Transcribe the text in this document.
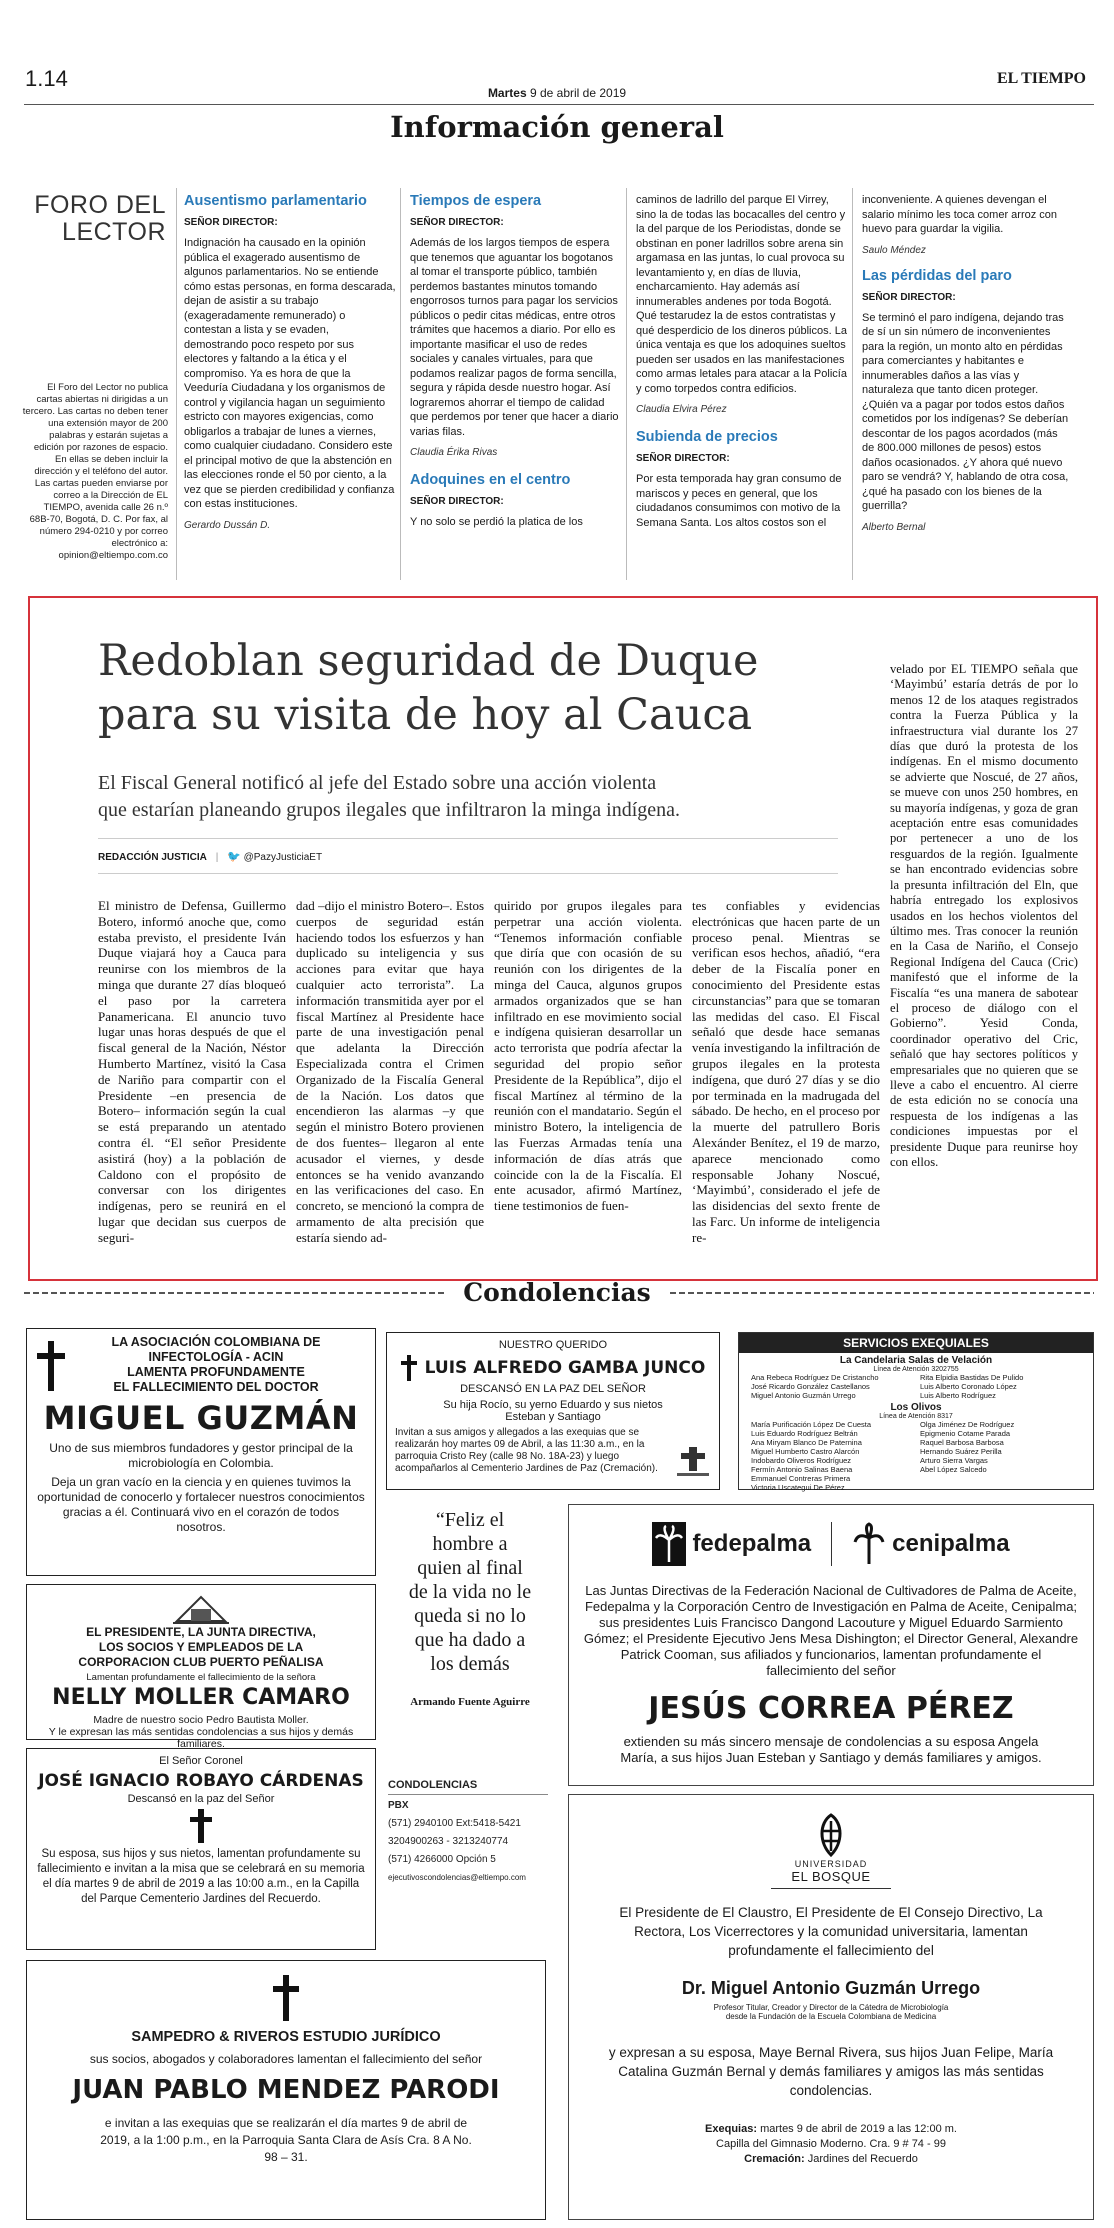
1.14
Martes 9 de abril de 2019
EL TIEMPO
Información general
FORO DEL
LECTOR
El Foro del Lector no publica cartas abiertas ni dirigidas a un tercero. Las cartas no deben tener una extensión mayor de 200 palabras y estarán sujetas a edición por razones de espacio. En ellas se deben incluir la dirección y el teléfono del autor. Las cartas pueden enviarse por correo a la Dirección de EL TIEMPO, avenida calle 26 n.º 68B-70, Bogotá, D. C. Por fax, al número 294-0210 y por correo electrónico a: opinion@eltiempo.com.co
Ausentismo parlamentario
SEÑOR DIRECTOR:

Indignación ha causado en la opinión pública el exagerado ausentismo de algunos parlamentarios. No se entiende cómo estas personas, en forma descarada, dejan de asistir a su trabajo (exageradamente remunerado) o contestan a lista y se evaden, demostrando poco respeto por sus electores y faltando a la ética y el compromiso. Ya es hora de que la Veeduría Ciudadana y los organismos de control y vigilancia hagan un seguimiento estricto con mayores exigencias, como obligarlos a trabajar de lunes a viernes, como cualquier ciudadano. Considero este el principal motivo de que la abstención en las elecciones ronde el 50 por ciento, a la vez que se pierden credibilidad y confianza con estas instituciones.

Gerardo Dussán D.
Tiempos de espera
SEÑOR DIRECTOR:

Además de los largos tiempos de espera que tenemos que aguantar los bogotanos al tomar el transporte público, también perdemos bastantes minutos tomando engorrosos turnos para pagar los servicios públicos o pedir citas médicas, entre otros trámites que hacemos a diario. Por ello es importante masificar el uso de redes sociales y canales virtuales, para que podamos realizar pagos de forma sencilla, segura y rápida desde nuestro hogar. Así lograremos ahorrar el tiempo de calidad que perdemos por tener que hacer a diario varias filas.

Claudia Érika Rivas
Adoquines en el centro
SEÑOR DIRECTOR:

Y no solo se perdió la platica de los

caminos de ladrillo del parque El Virrey, sino la de todas las bocacalles del centro y la del parque de los Periodistas, donde se obstinan en poner ladrillos sobre arena sin argamasa en las juntas, lo cual provoca su levantamiento y, en días de lluvia, encharcamiento. Hay además así innumerables andenes por toda Bogotá. Qué testarudez la de estos contratistas y qué desperdicio de los dineros públicos. La única ventaja es que los adoquines sueltos pueden ser usados en las manifestaciones como armas letales para atacar a la Policía y como torpedos contra edificios.

Claudia Elvira Pérez
Subienda de precios
SEÑOR DIRECTOR:

Por esta temporada hay gran consumo de mariscos y peces en general, que los ciudadanos consumimos con motivo de la Semana Santa. Los altos costos son el

inconveniente. A quienes devengan el salario mínimo les toca comer arroz con huevo para guardar la vigilia.

Saulo Méndez
Las pérdidas del paro
SEÑOR DIRECTOR:

Se terminó el paro indígena, dejando tras de sí un sin número de inconvenientes para la región, un monto alto en pérdidas para comerciantes y habitantes e innumerables daños a las vías y naturaleza que tanto dicen proteger. ¿Quién va a pagar por todos estos daños cometidos por los indígenas? Se deberían descontar de los pagos acordados (más de 800.000 millones de pesos) estos daños ocasionados. ¿Y ahora qué nuevo paro se vendrá? Y, hablando de otra cosa, ¿qué ha pasado con los bienes de la guerrilla?

Alberto Bernal
Redoblan seguridad de Duque
para su visita de hoy al Cauca
El Fiscal General notificó al jefe del Estado sobre una acción violenta
que estarían planeando grupos ilegales que infiltraron la minga indígena.
REDACCIÓN JUSTICIA | 🐦 @PazyJusticiaET
El ministro de Defensa, Guillermo Botero, informó anoche que, como estaba previsto, el presidente Iván Duque viajará hoy a Cauca para reunirse con los miembros de la minga que durante 27 días bloqueó el paso por la carretera Panamericana. El anuncio tuvo lugar unas horas después de que el fiscal general de la Nación, Néstor Humberto Martínez, visitó la Casa de Nariño para compartir con el Presidente –en presencia de Botero– información según la cual se está preparando un atentado contra él. “El señor Presidente asistirá (hoy) a la población de Caldono con el propósito de conversar con los dirigentes indígenas, pero se reunirá en el lugar que decidan sus cuerpos de seguri-
dad –dijo el ministro Botero–. Estos cuerpos de seguridad están haciendo todos los esfuerzos y han duplicado su inteligencia y sus acciones para evitar que haya cualquier acto terrorista”. La información transmitida ayer por el fiscal Martínez al Presidente hace parte de una investigación penal que adelanta la Dirección Especializada contra el Crimen Organizado de la Fiscalía General de la Nación. Los datos que encendieron las alarmas –y que según el ministro Botero provienen de dos fuentes– llegaron al ente acusador el viernes, y desde entonces se ha venido avanzando en las verificaciones del caso. En concreto, se mencionó la compra de armamento de alta precisión que estaría siendo ad-
quirido por grupos ilegales para perpetrar una acción violenta. “Tenemos información confiable que diría que con ocasión de su reunión con los dirigentes de la minga del Cauca, algunos grupos armados organizados que se han infiltrado en ese movimiento social e indígena quisieran desarrollar un acto terrorista que podría afectar la seguridad del propio señor Presidente de la República”, dijo el fiscal Martínez al término de la reunión con el mandatario. Según el ministro Botero, la inteligencia de las Fuerzas Armadas tenía una información de días atrás que coincide con la de la Fiscalía. El ente acusador, afirmó Martínez, tiene testimonios de fuen-
tes confiables y evidencias electrónicas que hacen parte de un proceso penal. Mientras se verifican esos hechos, añadió, “era deber de la Fiscalía poner en conocimiento del Presidente estas circunstancias” para que se tomaran las medidas del caso. El Fiscal señaló que desde hace semanas venía investigando la infiltración de grupos ilegales en la protesta indígena, que duró 27 días y se dio por terminada en la madrugada del sábado. De hecho, en el proceso por la muerte del patrullero Boris Alexánder Benítez, el 19 de marzo, aparece mencionado como responsable Johany Noscué, ‘Mayimbú’, considerado el jefe de las disidencias del sexto frente de las Farc. Un informe de inteligencia re-
velado por EL TIEMPO señala que ‘Mayimbú’ estaría detrás de por lo menos 12 de los ataques registrados contra la Fuerza Pública y la infraestructura vial durante los 27 días que duró la protesta de los indígenas. En el mismo documento se advierte que Noscué, de 27 años, se mueve con unos 250 hombres, en su mayoría indígenas, y goza de gran aceptación entre esas comunidades por pertenecer a uno de los resguardos de la región. Igualmente se han encontrado evidencias sobre la presunta infiltración del Eln, que habría entregado los explosivos usados en los hechos violentos del último mes. Tras conocer la reunión en la Casa de Nariño, el Consejo Regional Indígena del Cauca (Cric) manifestó que el informe de la Fiscalía “es una manera de sabotear el proceso de diálogo con el Gobierno”. Yesid Conda, coordinador operativo del Cric, señaló que hay sectores políticos y empresariales que no quieren que se lleve a cabo el encuentro. Al cierre de esta edición no se conocía una respuesta de los indígenas a las condiciones impuestas por el presidente Duque para reunirse hoy con ellos.
Condolencias
LA ASOCIACIÓN COLOMBIANA DE
INFECTOLOGÍA - ACIN
LAMENTA PROFUNDAMENTE
EL FALLECIMIENTO DEL DOCTOR
MIGUEL GUZMÁN
Uno de sus miembros fundadores y gestor principal de la microbiología en Colombia.
Deja un gran vacío en la ciencia y en quienes tuvimos la oportunidad de conocerlo y fortalecer nuestros conocimientos gracias a él. Continuará vivo en el corazón de todos nosotros.
NUESTRO QUERIDO
LUIS ALFREDO GAMBA JUNCO
DESCANSÓ EN LA PAZ DEL SEÑOR
Su hija Rocío, su yerno Eduardo y sus nietos Esteban y Santiago
Invitan a sus amigos y allegados a las exequias que se realizarán hoy martes 09 de Abril, a las 11:30 a.m., en la parroquia Cristo Rey (calle 98 No. 18A-23) y luego acompañarlos al Cementerio Jardines de Paz (Cremación).
SERVICIOS EXEQUIALES
La Candelaria Salas de Velación
Línea de Atención 3202755
Ana Rebeca Rodríguez De Cristancho
José Ricardo González Castellanos
Miguel Antonio Guzmán Urrego
Rita Elpidia Bastidas De Pulido
Luis Alberto Coronado López
Luis Alberto Rodríguez
Los Olivos
Línea de Atención 8317
María Purificación López De Cuesta
Luis Eduardo Rodríguez Beltrán
Ana Miryam Blanco De Paternina
Miguel Humberto Castro Alarcón
Indobardo Oliveros Rodríguez
Fermín Antonio Salinas Baena
Emmanuel Contreras Primera
Victoria Uscategui De Pérez
Olga Jiménez De Rodríguez
Epigmenio Cotame Parada
Raquel Barbosa Barbosa
Hernando Suárez Perilla
Arturo Sierra Vargas
Abel López Salcedo
EL PRESIDENTE, LA JUNTA DIRECTIVA,
LOS SOCIOS Y EMPLEADOS DE LA
CORPORACION CLUB PUERTO PEÑALISA
Lamentan profundamente el fallecimiento de la señora
NELLY MOLLER CAMARO
Madre de nuestro socio Pedro Bautista Moller.
Y le expresan las más sentidas condolencias a sus hijos y demás familiares.
“Feliz el
hombre a
quien al final
de la vida no le
queda si no lo
que ha dado a
los demás
Armando Fuente Aguirre
CONDOLENCIAS
PBX
(571) 2940100 Ext:5418-5421
3204900263 - 3213240774
(571) 4266000 Opción 5
ejecutivoscondolencias@eltiempo.com
fedepalma	cenipalma
Las Juntas Directivas de la Federación Nacional de Cultivadores de Palma de Aceite, Fedepalma y la Corporación Centro de Investigación en Palma de Aceite, Cenipalma; sus presidentes Luis Francisco Dangond Lacouture y Miguel Eduardo Sarmiento Gómez; el Presidente Ejecutivo Jens Mesa Dishington; el Director General, Alexandre Patrick Cooman, sus afiliados y funcionarios, lamentan profundamente el fallecimiento del señor
JESÚS CORREA PÉREZ
extienden su más sincero mensaje de condolencias a su esposa Angela María, a sus hijos Juan Esteban y Santiago y demás familiares y amigos.
El Señor Coronel
JOSÉ IGNACIO ROBAYO CÁRDENAS
Descansó en la paz del Señor
Su esposa, sus hijos y sus nietos, lamentan profundamente su fallecimiento e invitan a la misa que se celebrará en su memoria el día martes 9 de abril de 2019 a las 10:00 a.m., en la Capilla del Parque Cementerio Jardines del Recuerdo.
UNIVERSIDAD
EL BOSQUE
El Presidente de El Claustro, El Presidente de El Consejo Directivo, La Rectora, Los Vicerrectores y la comunidad universitaria, lamentan profundamente el fallecimiento del
Dr. Miguel Antonio Guzmán Urrego
Profesor Titular, Creador y Director de la Cátedra de Microbiología
desde la Fundación de la Escuela Colombiana de Medicina
y expresan a su esposa, Maye Bernal Rivera, sus hijos Juan Felipe, María Catalina Guzmán Bernal y demás familiares y amigos las más sentidas condolencias.
Exequias: martes 9 de abril de 2019 a las 12:00 m.
Capilla del Gimnasio Moderno. Cra. 9 # 74 - 99
Cremación: Jardines del Recuerdo
SAMPEDRO & RIVEROS ESTUDIO JURÍDICO
sus socios, abogados y colaboradores lamentan el fallecimiento del señor
JUAN PABLO MENDEZ PARODI
e invitan a las exequias que se realizarán el día martes 9 de abril de 2019, a la 1:00 p.m., en la Parroquia Santa Clara de Asís Cra. 8 A No. 98 – 31.
